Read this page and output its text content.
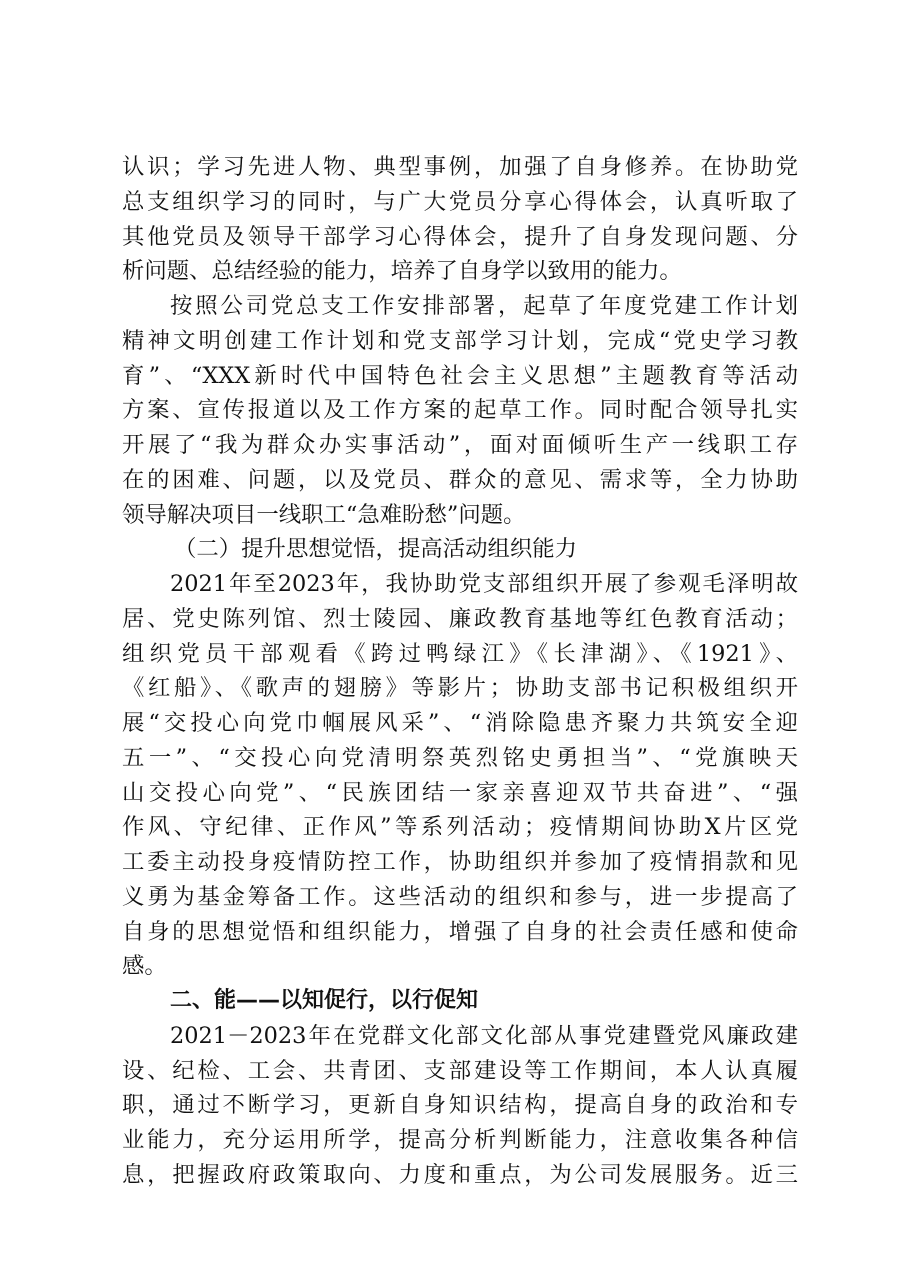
认识；学习先进人物、典型事例，加强了自身修养。在协助党
总支组织学习的同时，与广大党员分享心得体会，认真听取了
其他党员及领导干部学习心得体会，提升了自身发现问题、分
析问题、总结经验的能力，培养了自身学以致用的能力。
按照公司党总支工作安排部署，起草了年度党建工作计划
精神文明创建工作计划和党支部学习计划，完成“党史学习教
育”、“XXX新时代中国特色社会主义思想”主题教育等活动
方案、宣传报道以及工作方案的起草工作。同时配合领导扎实
开展了“我为群众办实事活动”，面对面倾听生产一线职工存
在的困难、问题，以及党员、群众的意见、需求等，全力协助
领导解决项目一线职工“急难盼愁”问题。
（二）提升思想觉悟，提高活动组织能力
2021年至2023年，我协助党支部组织开展了参观毛泽明故
居、党史陈列馆、烈士陵园、廉政教育基地等红色教育活动；
组织党员干部观看《跨过鸭绿江》《长津湖》、《1921》、
《红船》、《歌声的翅膀》等影片；协助支部书记积极组织开
展“交投心向党巾帼展风采”、“消除隐患齐聚力共筑安全迎
五一”、“交投心向党清明祭英烈铭史勇担当”、“党旗映天
山交投心向党”、“民族团结一家亲喜迎双节共奋进”、“强
作风、守纪律、正作风”等系列活动；疫情期间协助X片区党
工委主动投身疫情防控工作，协助组织并参加了疫情捐款和见
义勇为基金筹备工作。这些活动的组织和参与，进一步提高了
自身的思想觉悟和组织能力，增强了自身的社会责任感和使命
感。
二、能——以知促行，以行促知
2021－2023年在党群文化部文化部从事党建暨党风廉政建
设、纪检、工会、共青团、支部建设等工作期间，本人认真履
职，通过不断学习，更新自身知识结构，提高自身的政治和专
业能力，充分运用所学，提高分析判断能力，注意收集各种信
息，把握政府政策取向、力度和重点，为公司发展服务。近三
